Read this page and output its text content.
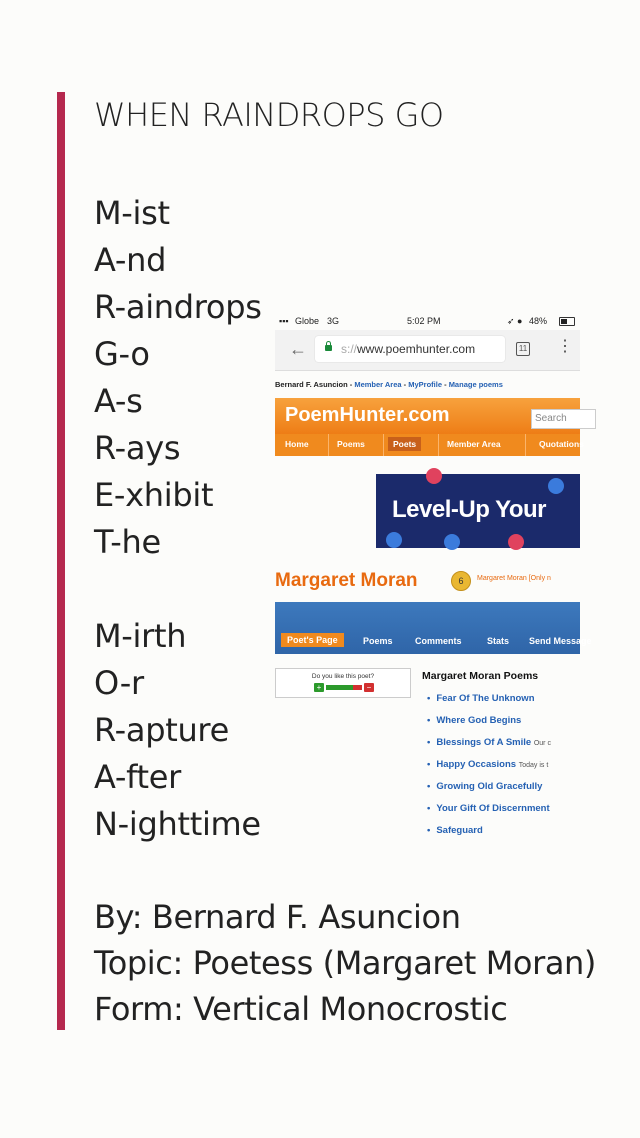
WHEN RAINDROPS GO
M-ist
A-nd
R-aindrops
G-o
A-s
R-ays
E-xhibit
T-he
M-irth
O-r
R-apture
A-fter
N-ighttime
By: Bernard F. Asuncion
Topic: Poetess (Margaret Moran)
Form: Vertical Monocrostic
▪▪▪ Globe 3G	5:02 PM	➶ ● 48%
←	s://www.poemhunter.com	11 ⋮
Bernard F. Asuncion - Member Area - MyProfile - Manage poems
PoemHunter.com	Search
Home	Poems	Poets	Member Area	Quotations
Level-Up Your
Margaret Moran	6	Margaret Moran [Only n
Poet's Page	Poems Comments	Stats Send Message
Do you like this poet?
+	−
Margaret Moran Poems
• Fear Of The Unknown
• Where God Begins
• Blessings Of A Smile Our c
• Happy Occasions Today is t
• Growing Old Gracefully
• Your Gift Of Discernment
• Safeguard
